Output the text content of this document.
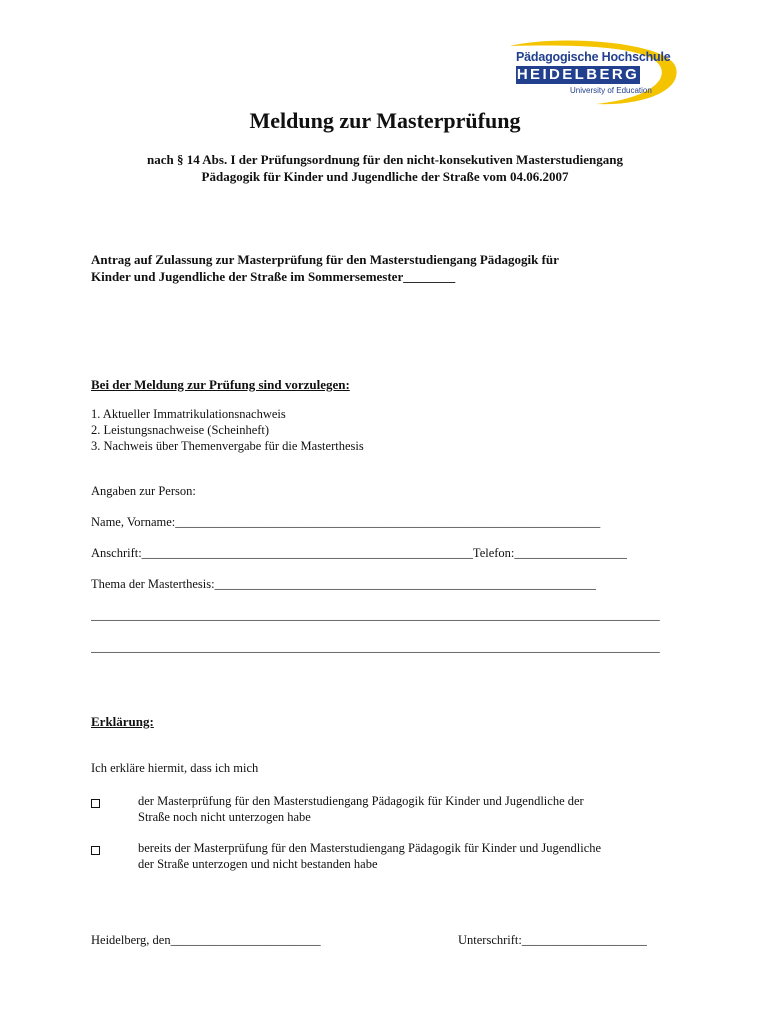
Pädagogische Hochschule
HEIDELBERG
University of Education
Meldung zur Masterprüfung
nach § 14 Abs. I der Prüfungsordnung für den nicht-konsekutiven Masterstudiengang
Pädagogik für Kinder und Jugendliche der Straße vom 04.06.2007
Antrag auf Zulassung zur Masterprüfung für den Masterstudiengang Pädagogik für
Kinder und Jugendliche der Straße im Sommersemester________
Bei der Meldung zur Prüfung sind vorzulegen:
1. Aktueller Immatrikulationsnachweis
2. Leistungsnachweise (Scheinheft)
3. Nachweis über Themenvergabe für die Masterthesis
Angaben zur Person:
Name, Vorname:____________________________________________________________________
Anschrift:_____________________________________________________Telefon:__________________
Thema der Masterthesis:_____________________________________________________________
___________________________________________________________________________________________
___________________________________________________________________________________________
Erklärung:
Ich erkläre hiermit, dass ich mich
der Masterprüfung für den Masterstudiengang Pädagogik für Kinder und Jugendliche der
Straße noch nicht unterzogen habe
bereits der Masterprüfung für den Masterstudiengang Pädagogik für Kinder und Jugendliche
der Straße unterzogen und nicht bestanden habe
Heidelberg, den________________________	Unterschrift:____________________
